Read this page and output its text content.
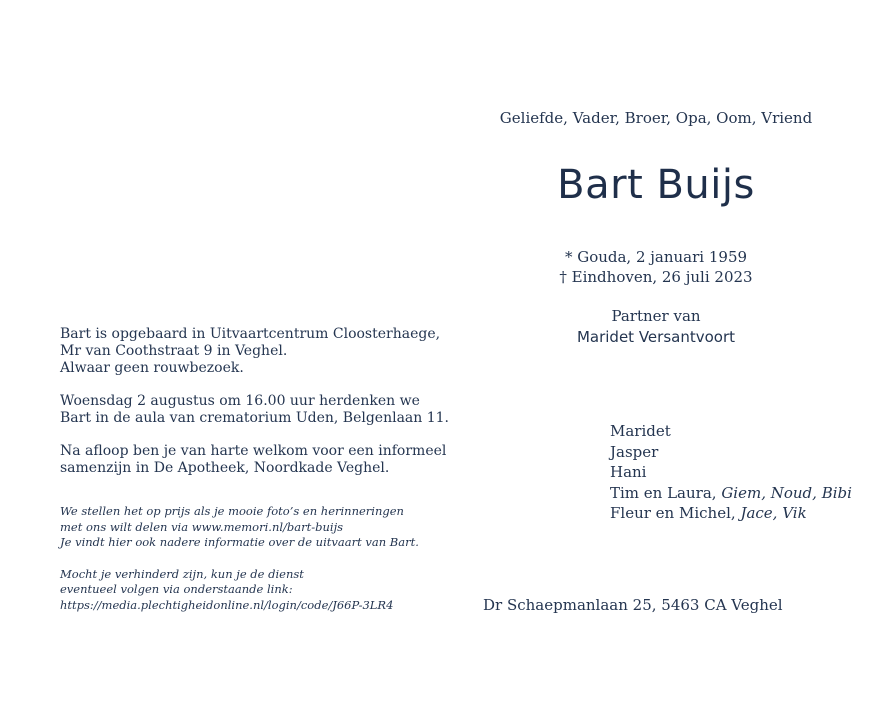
Geliefde, Vader, Broer, Opa, Oom, Vriend
Bart Buijs
* Gouda, 2 januari 1959
† Eindhoven, 26 juli 2023
Partner van
Maridet Versantvoort
Maridet
Jasper
Hani
Tim en Laura, Giem, Noud, Bibi
Fleur en Michel, Jace, Vik
Dr Schaepmanlaan 25, 5463 CA Veghel

Bart is opgebaard in Uitvaartcentrum Cloosterhaege,
Mr van Coothstraat 9 in Veghel.
Alwaar geen rouwbezoek.

Woensdag 2 augustus om 16.00 uur herdenken we
Bart in de aula van crematorium Uden, Belgenlaan 11.

Na afloop ben je van harte welkom voor een informeel
samenzijn in De Apotheek, Noordkade Veghel.

We stellen het op prijs als je mooie foto’s en herinneringen
met ons wilt delen via www.memori.nl/bart-buijs
Je vindt hier ook nadere informatie over de uitvaart van Bart.

Mocht je verhinderd zijn, kun je de dienst
eventueel volgen via onderstaande link:
https://media.plechtigheidonline.nl/login/code/J66P-3LR4
